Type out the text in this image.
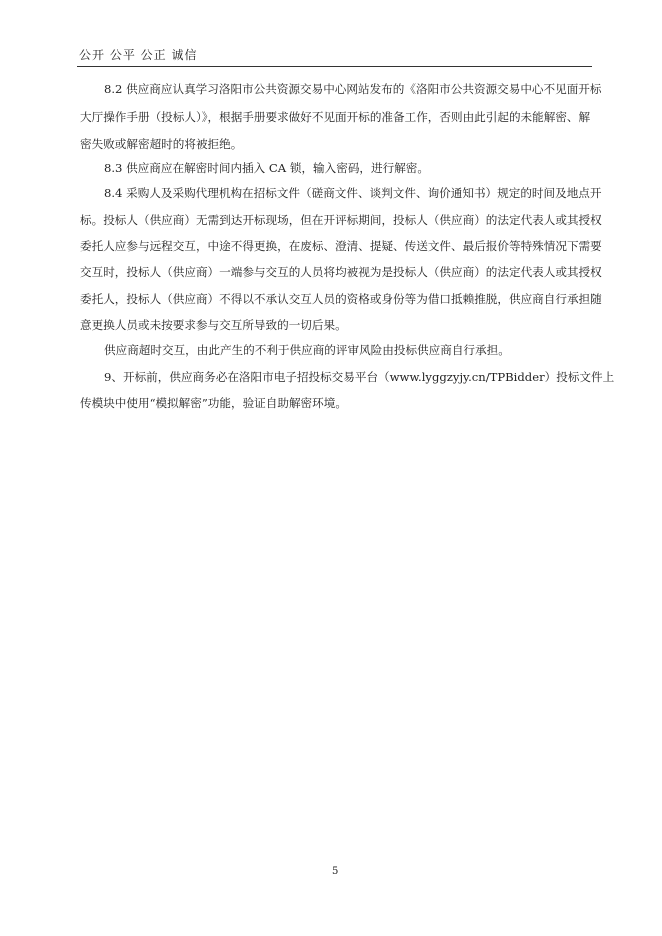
公开 公平 公正 诚信
8.2 供应商应认真学习洛阳市公共资源交易中心网站发布的《洛阳市公共资源交易中心不见面开标
大厅操作手册（投标人）》，根据手册要求做好不见面开标的准备工作，否则由此引起的未能解密、解
密失败或解密超时的将被拒绝。
8.3 供应商应在解密时间内插入 CA 锁，输入密码，进行解密。
8.4 采购人及采购代理机构在招标文件（磋商文件、谈判文件、询价通知书）规定的时间及地点开
标。投标人（供应商）无需到达开标现场，但在开评标期间，投标人（供应商）的法定代表人或其授权
委托人应参与远程交互，中途不得更换，在废标、澄清、提疑、传送文件、最后报价等特殊情况下需要
交互时，投标人（供应商）一端参与交互的人员将均被视为是投标人（供应商）的法定代表人或其授权
委托人，投标人（供应商）不得以不承认交互人员的资格或身份等为借口抵赖推脱，供应商自行承担随
意更换人员或未按要求参与交互所导致的一切后果。
供应商超时交互，由此产生的不利于供应商的评审风险由投标供应商自行承担。
9、开标前，供应商务必在洛阳市电子招投标交易平台（www.lyggzyjy.cn/TPBidder）投标文件上
传模块中使用“模拟解密”功能，验证自助解密环境。
5
